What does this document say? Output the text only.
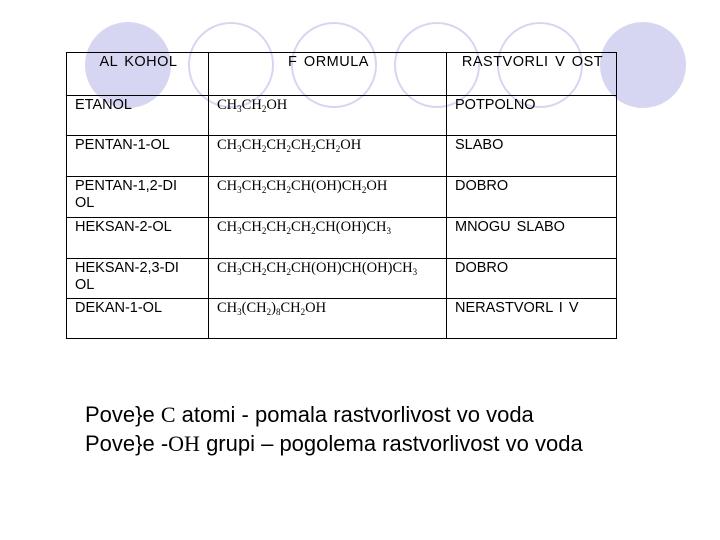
AL KOHOL	F ORMULA	RASTVORLI V OST
ETANOL	$CH_3CH_2OH$	POTPOLNO
PENTAN-1-OL	$CH_3CH_2CH_2CH_2CH_2OH$	SLABO
PENTAN-1,2-DI OL	$CH_3CH_2CH_2CH(OH)CH_2OH$	DOBRO
HEKSAN-2-OL	$CH_3CH_2CH_2CH_2CH(OH)CH_3$	MNOGU SLABO
HEKSAN-2,3-DI OL	$CH_3CH_2CH_2CH(OH)CH(OH)CH_3$	DOBRO
DEKAN-1-OL	$CH_3(CH_2)_8CH_2OH$	NERASTVORL I V
Pove}e C atomi - pomala rastvorlivost vo voda
Pove}e -OH grupi – pogolema rastvorlivost vo voda
